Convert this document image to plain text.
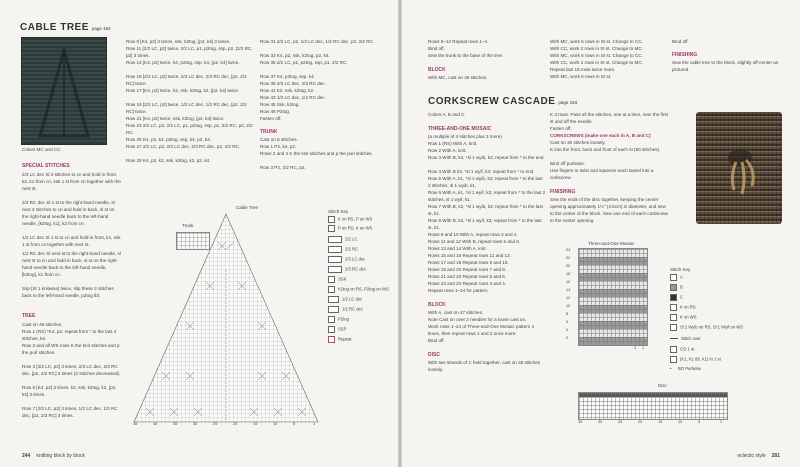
CABLE TREE page 184
Colors MC and CC
SPECIAL STITCHES
2/3 LC dec Sl 2 stitches to cn and hold in front, k2, k1 from cn, ssk 1 st from cn together with the next st.
2/3 RC dec Sl 1 st to the right-hand needle, sl next 2 stitches to cn and hold in back, sl st on the right-hand needle back to the left-hand needle, [k2tog, k1], k2 from cn.
1/2 LC dec Sl 1 st to cn and hold in front, k1, ssk 1 st from cn together with next st.
1/2 RC dec Sl next st to the right-hand needle, sl next st to cn and hold in back, sl st on the right-hand needle back to the left-hand needle, [k2tog], k1 from cn.
Ssp [Sl 1 knitwise] twice, slip these 2 stitches back to the left-hand needle, p2tog tbl.
TREE
Cast on 46 stitches.
Row 1 (RS) *K4, p2; repeat from * to the last 4 stitches, k4.
Row 2 and all WS rows K the knit stitches and p the purl stitches.
Row 3 [2/2 LC, p2] 3 times, 2/3 LC dec, 2/3 RC dec, [p2, 2/2 RC] 3 times (2 stitches decreased).
Row 5 [K4, p2] 3 times, k2, ssk, k2tog, k2, [p2, k4] 3 times.
Row 7 [2/2 LC, p2] 3 times, 1/2 LC dec, 1/2 RC dec, [p2, 2/2 RC] 3 times.
Row 9 [K4, p2] 3 times, ssk, k2tog, [p2, k4] 3 times.
Row 11 [2/2 LC, p2] twice, 2/2 LC, p1, p2tog, ssp, p2, [2/2 RC, p2] 3 times.
Row 13 [K4, p2] twice, k4, p2tog, ssp, k4, [p2, k4] twice.
Row 15 [2/2 LC, p2] twice, 2/3 LC dec, 2/3 RC dec, [p2, 2/2 RC] twice.
Row 17 [K4, p2] twice, k2, ssk, k2tog, k2, [p2, k4] twice.
Row 19 [2/2 LC, p2] twice, 1/2 LC dec, 1/2 RC dec, [p2, 2/2 RC] twice.
Row 21 [K4, p2] twice, ssk, k2tog, [p2, k4] twice.
Row 23 2/2 LC, p2, 2/2 LC, p1, p2tog, ssp, p1, 2/2 RC, p2, 2/2 RC.
Row 25 K4, p2, k4, p2tog, ssp, k4, p2, k4.
Row 27 2/2 LC, p2, 2/3 LC dec, 2/3 RC dec, p2, 2/2 RC.
Row 29 K4, p2, k2, ssk, k2tog, k2, p2, k4.
Row 31 2/2 LC, p2, 1/2 LC dec, 1/2 RC dec, p2, 2/2 RC.
Row 33 K4, p2, ssk, k2tog, p2, k4.
Row 35 2/2 LC, p1, p2tog, ssp, p1, 2/2 RC.
Row 37 K4, p2tog, ssp, k4.
Row 39 2/3 LC dec, 2/3 RC dec.
Row 41 K2, ssk, k2tog, k2.
Row 43 1/2 LC dec, 1/2 RC dec.
Row 45 Ssk, k2tog.
Row 46 P2tog.
Fasten off.
TRUNK
Cast on 8 stitches.
Row 1 P2, k4, p2.
Rows 2 and 4 K the knit stitches and p the purl stitches.
Row 3 P2, 2/2 RC, p2.
Trunk
Cable Tree
45	40	35	30	25	20	15	10	5	1
Stitch Key
K on RS, P on WS
P on RS, K on WS
2/2 LC
2/2 RC
2/3 LC dec
2/3 RC dec
SSK
K2tog on RS, P2tog on WS
1/2 LC dec
1/2 RC dec
P2tog
SSP
Repeat
244 knitting block by block
Rows 5–12 Repeat rows 1–4.
Bind off.
Sew the trunk to the base of the tree.
BLOCK
With MC, cast on 45 stitches.
With MC, work 6 rows in St st. Change to CC.
With CC, work 2 rows in St st. Change to MC.
With MC, work 6 rows in St st. Change to CC.
With CC, work 2 rows in St st. Change to MC.
Repeat last 18 rows twice more.
With MC, work 6 rows in St st.
Bind off.
FINISHING
Sew the cable tree to the block, slightly off-center as pictured.
CORKSCREW CASCADE page 184
Colors A, B and C
THREE-AND-ONE MOSAIC
(a multiple of 4 stitches plus 3 more)
Row 1 (RS) With A, knit.
Row 2 With A, knit.
Row 3 With B, k3, *sl 1 wyib, k3; repeat from * to the end.
Row 4 With B k3, *sl 1 wyif, k3; repeat from * to end.
Row 5 With A, k1, *sl 1 wyib, k3; repeat from * to the last 2 stitches, sl 1 wyib, k1.
Row 6 With A, k1, *sl 1 wyif, k3; repeat from * to the last 2 stitches, sl 1 wyif, k1.
Row 7 With B, k2, *sl 1 wyib, k3; repeat from * to the last st, k1.
Row 8 With B, k2, *sl 1 wyif, k3; repeat from * to the last st, k1.
Rows 9 and 10 With A, repeat rows 3 and 4.
Rows 11 and 12 With B, repeat rows 5 and 6.
Rows 13 and 14 With A, knit.
Rows 15 and 16 Repeat rows 11 and 12.
Rows 17 and 18 Repeat rows 9 and 10.
Rows 19 and 20 Repeat rows 7 and 8.
Rows 21 and 22 Repeat rows 5 and 6.
Rows 23 and 24 Repeat rows 3 and 4.
Repeat rows 1–24 for pattern.
BLOCK
With A, cast on 47 stitches.
Note Cast on over 2 needles for a loose cast on.
Work rows 1–24 of Three-and-One Mosaic pattern 4 times, then repeat rows 1 and 2 once more.
Bind off.
DISC
With two strands of C held together, cast on 35 stitches loosely.
K 3 rows. Pass all the stitches, one at a time, over the first st and off the needle.
Fasten off.
CORKSCREWS (make one each in A, B and C)
Cast on 30 stitches loosely.
K into the front, back and front of each st (90 stitches).
Bind off purlwise.
Use fingers to twist and squeeze each tassel into a corkscrew.
FINISHING
Sew the ends of the disc together, keeping the center opening approximately 1½" (4.5cm) in diameter, and sew to the center of the block. Sew one end of each corkscrew to the center opening.
Three-and-One Mosaic
24
22
20
18
16
14
12
10
8
6
4
2
3 1
Stitch Key
A
B
C
K on RS
K on WS
Sl 1 Wyib on RS, Sl 1 Wyif on WS
Stitch over
CO 1 st
(K1, K1 tbl, K1) in 1 st
• BO Purlwise
Disc
35	30	25	20	15	10	5	1
eclectic style 281
